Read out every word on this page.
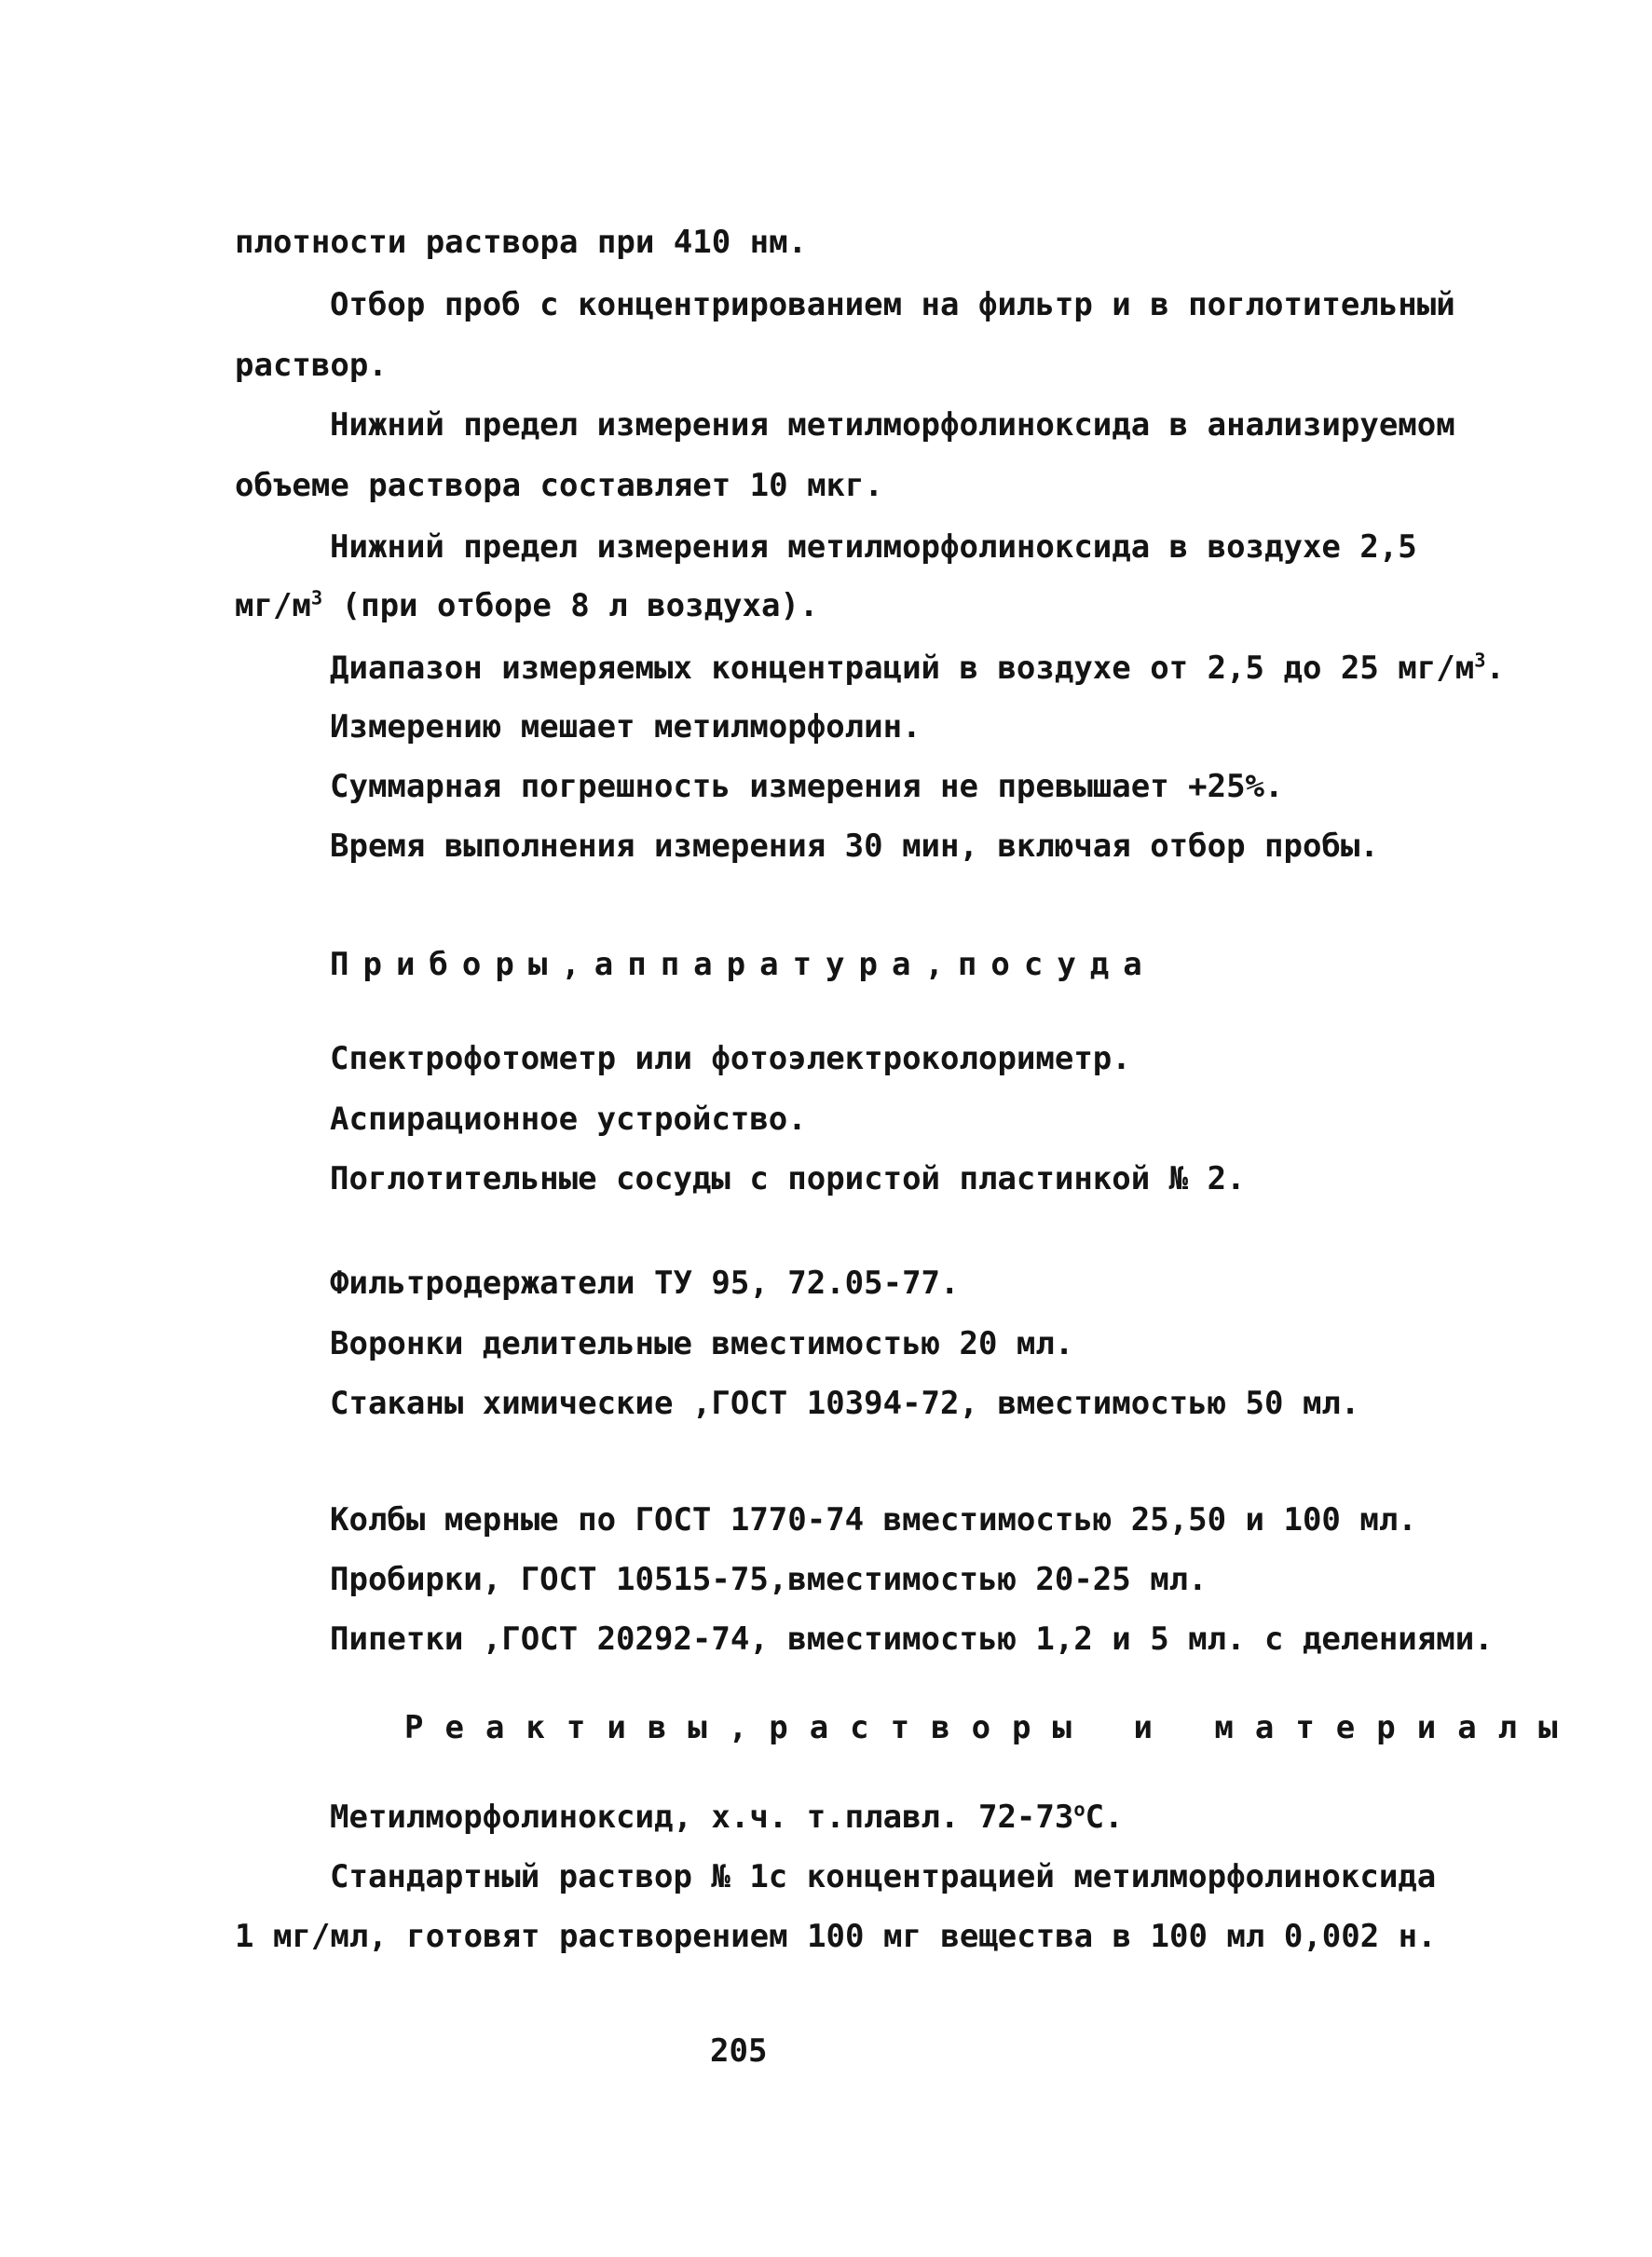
плотности раствора при 410 нм.
Отбор проб с концентрированием на фильтр и в поглотительный
раствор.
Нижний предел измерения метилморфолиноксида в анализируемом
объеме раствора составляет 10 мкг.
Нижний предел измерения метилморфолиноксида в воздухе 2,5
$мг/м^3$ (при отборе 8 л воздуха).
Диапазон измеряемых концентраций в воздухе от 2,5 до 25 $мг/м^3$.
Измерению мешает метилморфолин.
Суммарная погрешность измерения не превышает +25%.
Время выполнения измерения 30 мин, включая отбор пробы.
Приборы,аппаратура,посуда
Спектрофотометр или фотоэлектроколориметр.
Аспирационное устройство.
Поглотительные сосуды с пористой пластинкой № 2.
Фильтродержатели ТУ 95, 72.05-77.
Воронки делительные вместимостью 20 мл.
Стаканы химические ,ГОСТ 10394-72, вместимостью 50 мл.
Колбы мерные по ГОСТ 1770-74 вместимостью 25,50 и 100 мл.
Пробирки, ГОСТ 10515-75,вместимостью 20-25 мл.
Пипетки ,ГОСТ 20292-74, вместимостью 1,2 и 5 мл. с делениями.
Реактивы,растворы и материалы
Метилморфолиноксид, х.ч. т.плавл. $72-73^оС$.
Стандартный раствор № 1с концентрацией метилморфолиноксида
1 мг/мл, готовят растворением 100 мг вещества в 100 мл 0,002 н.
205
